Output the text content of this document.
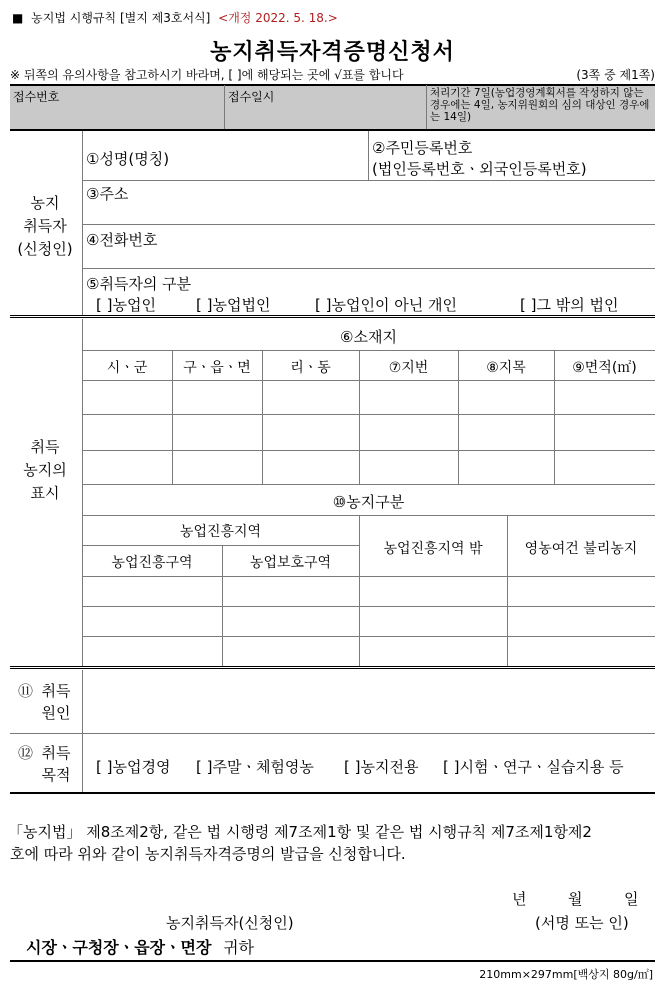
■ 농지법 시행규칙 [별지 제3호서식] <개정 2022. 5. 18.>
농지취득자격증명신청서
※ 뒤쪽의 유의사항을 참고하시기 바라며, [ ]에 해당되는 곳에 √표를 합니다	(3쪽 중 제1쪽)
접수번호	접수일시	처리기간 7일(농업경영계획서를 작성하지 않는 경우에는 4일, 농지위원회의 심의 대상인 경우에는 14일)
농지
취득자
(신청인)
①성명(명칭)
②주민등록번호
(법인등록번호ㆍ외국인등록번호)
③주소
④전화번호
⑤취득자의 구분
[ ]농업인	[ ]농업법인	[ ]농업인이 아닌 개인	[ ]그 밖의 법인
취득
농지의
표시
⑥소재지
시ㆍ군	구ㆍ읍ㆍ면	리ㆍ동	⑦지번	⑧지목	⑨면적(㎡)
⑩농지구분
농업진흥지역
농업진흥구역	농업보호구역
농업진흥지역 밖	영농여건 불리농지
⑪ 취득
원인
⑫ 취득
목적	[ ]농업경영 [ ]주말ㆍ체험영농 [ ]농지전용 [ ]시험ㆍ연구ㆍ실습지용 등
「농지법」 제8조제2항, 같은 법 시행령 제7조제1항 및 같은 법 시행규칙 제7조제1항제2
호에 따라 위와 같이 농지취득자격증명의 발급을 신청합니다.
년	월	일
농지취득자(신청인)	(서명 또는 인)
시장ㆍ구청장ㆍ읍장ㆍ면장 귀하
210mm×297mm[백상지 80g/㎡]
